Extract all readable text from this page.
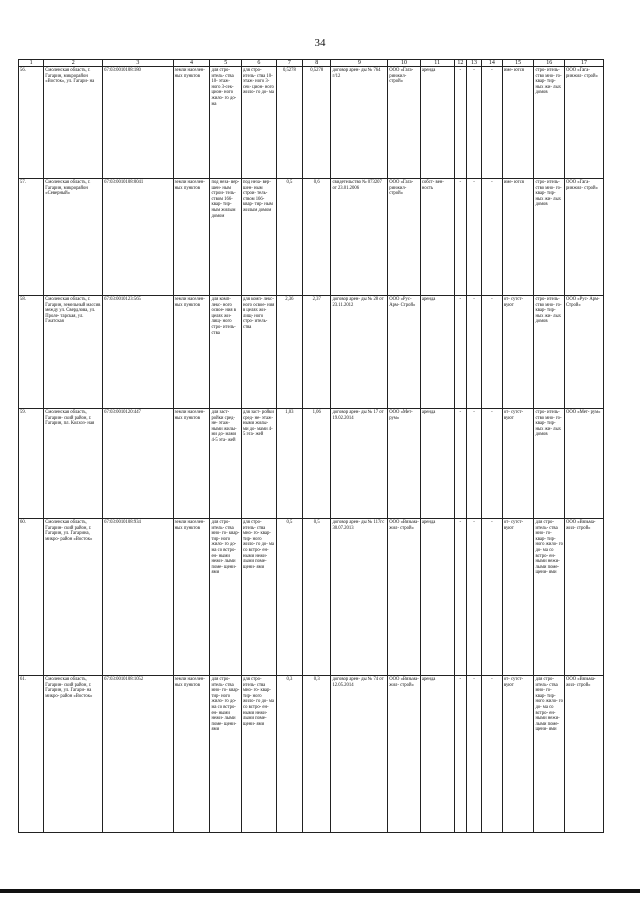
34
1	2	3	4	5	6	7	8	9	10	11	12	13	14	15	16	17
56.	Смоленская область, г. Гагарин, микрорайон «Восток», ул. Гагари- на	67:03:0010108:180	земли населен- ных пунктов	для стро- итель- ства 10- этаж- ного 3-сек- цион- ного жило- го до- ма	для стро- итель- ства 10- этаж- ного 3-сек- цион- ного жило- го до- ма	0,5278	0,5278	договор арен- ды № 764 г/12	ООО «Гага- ринжил- строй»	аренда	-	-	-	име- ются	стро- итель- ство мно- го- квар- тир- ных жи- лых домов	ООО «Гага- ринжил- строй»
57.	Смоленская область, г. Гагарин, микрорайон «Северный»	67:03:0010108:0041	земли населен- ных пунктов	под неза- вер- шен- ным строи- тель- ством 166- квар- тир- ным жилым домом	под неза- вер- шен- ным строи- тель- ством 166- квар- тир- ным жилым домом	0,5	0,6	свидетельство № 073207 от 23.01.2006	ООО «Гага- ринжил- строй»	собст- вен- ность	-	-	-	име- ются	стро- итель- ство мно- го- квар- тир- ных жи- лых домов	ООО «Гага- ринжил- строй»
58.	Смоленская область, г. Гагарин, земельный массив между ул. Свердлова, ул. Проле- тарская, ул. Гжатская	67:03:0010123:565	земли населен- ных пунктов	для комп- лекс- ного освое- ния в целях жи- лищ- ного стро- итель- ства	для комп- лекс- ного освое- ния в целях жи- лищ- ного стро- итель- ства	2,36	2,37	договор арен- ды № 28 от 23.11.2012	ООО «Рус- Арм- Строй»	аренда	-	-	-	от- сутст- вуют	стро- итель- ство мно- го- квар- тир- ных жи- лых домов	ООО «Рус- Арм- Строй»
59.	Смоленская область, Гагарин- ский район, г. Гагарин, пл. Колхоз- ная	67:03:0010120:447	земли населен- ных пунктов	для заст- ройки сред- не- этаж- ными жилы- ми до- мами 4-5 эта- жей	для заст- ройки сред- не- этаж- ными жилы- ми до- мами 4-5 эта- жей	1,03	1,06	договор арен- ды № 17 от 19.02.2014	ООО «Мет- рум»	аренда	-	-	-	от- сутст- вуют	стро- итель- ство мно- го- квар- тир- ных жи- лых домов	ООО «Мет- рум»
60.	Смоленская область, Гагарин- ский район, г. Гагарин, ул. Гагарина, микро- район «Восток»	67:03:0010108:934	земли населен- ных пунктов	для стро- итель- ства мно- го- квар- тир- ного жило- го до- ма со встро- ен- ными нежи- лыми поме- щени- ями	для стро- итель- ства мно- го- квар- тир- ного жило- го до- ма со встро- ен- ными нежи- лыми поме- щени- ями	0,5	0,5	договор арен- ды № 117гс 30.07.2013	ООО «Вязьма- жил- строй»	аренда	-	-	-	от- сутст- вуют	для стро- итель- ства мно- го- квар- тир- ного жило- го до- ма со встро- ен- ными нежи- лыми поме- щени- ями	ООО «Вязьма- жил- строй»
61.	Смоленская область, Гагарин- ский район, г. Гагарин, ул. Гагари- на микро- район «Восток»	67:03:0010108:1052	земли населен- ных пунктов	для стро- итель- ства мно- го- квар- тир- ного жило- го до- ма со встро- ен- ными нежи- лыми поме- щени- ями	для стро- итель- ства мно- го- квар- тир- ного жило- го до- ма со встро- ен- ными нежи- лыми поме- щени- ями	0,3	0,3	договор арен- ды № 74 от 12.05.2014	ООО «Вязьма- жил- строй»	аренда	-	-	-	от- сутст- вуют	для стро- итель- ства мно- го- квар- тир- ного жило- го до- ма со встро- ен- ными нежи- лыми поме- щени- ями	ООО «Вязьма- жил- строй»
